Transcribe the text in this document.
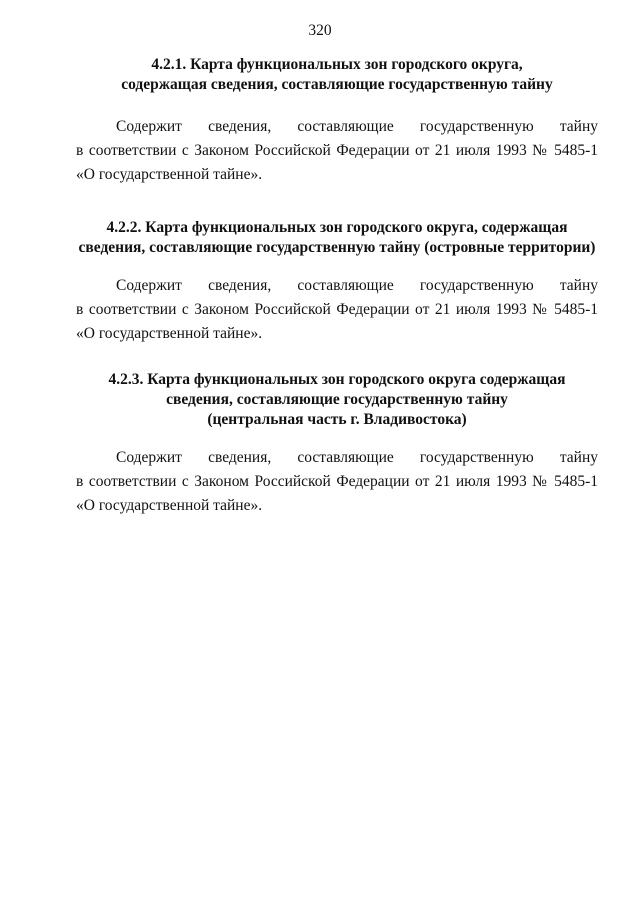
320
4.2.1. Карта функциональных зон городского округа,
содержащая сведения, составляющие государственную тайну
Содержит сведения, составляющие государственную тайну
в соответствии с Законом Российской Федерации от 21 июля 1993 № 5485-1
«О государственной тайне».
4.2.2. Карта функциональных зон городского округа, содержащая
сведения, составляющие государственную тайну (островные территории)
Содержит сведения, составляющие государственную тайну
в соответствии с Законом Российской Федерации от 21 июля 1993 № 5485-1
«О государственной тайне».
4.2.3. Карта функциональных зон городского округа содержащая
сведения, составляющие государственную тайну
(центральная часть г. Владивостока)
Содержит сведения, составляющие государственную тайну
в соответствии с Законом Российской Федерации от 21 июля 1993 № 5485-1
«О государственной тайне».
